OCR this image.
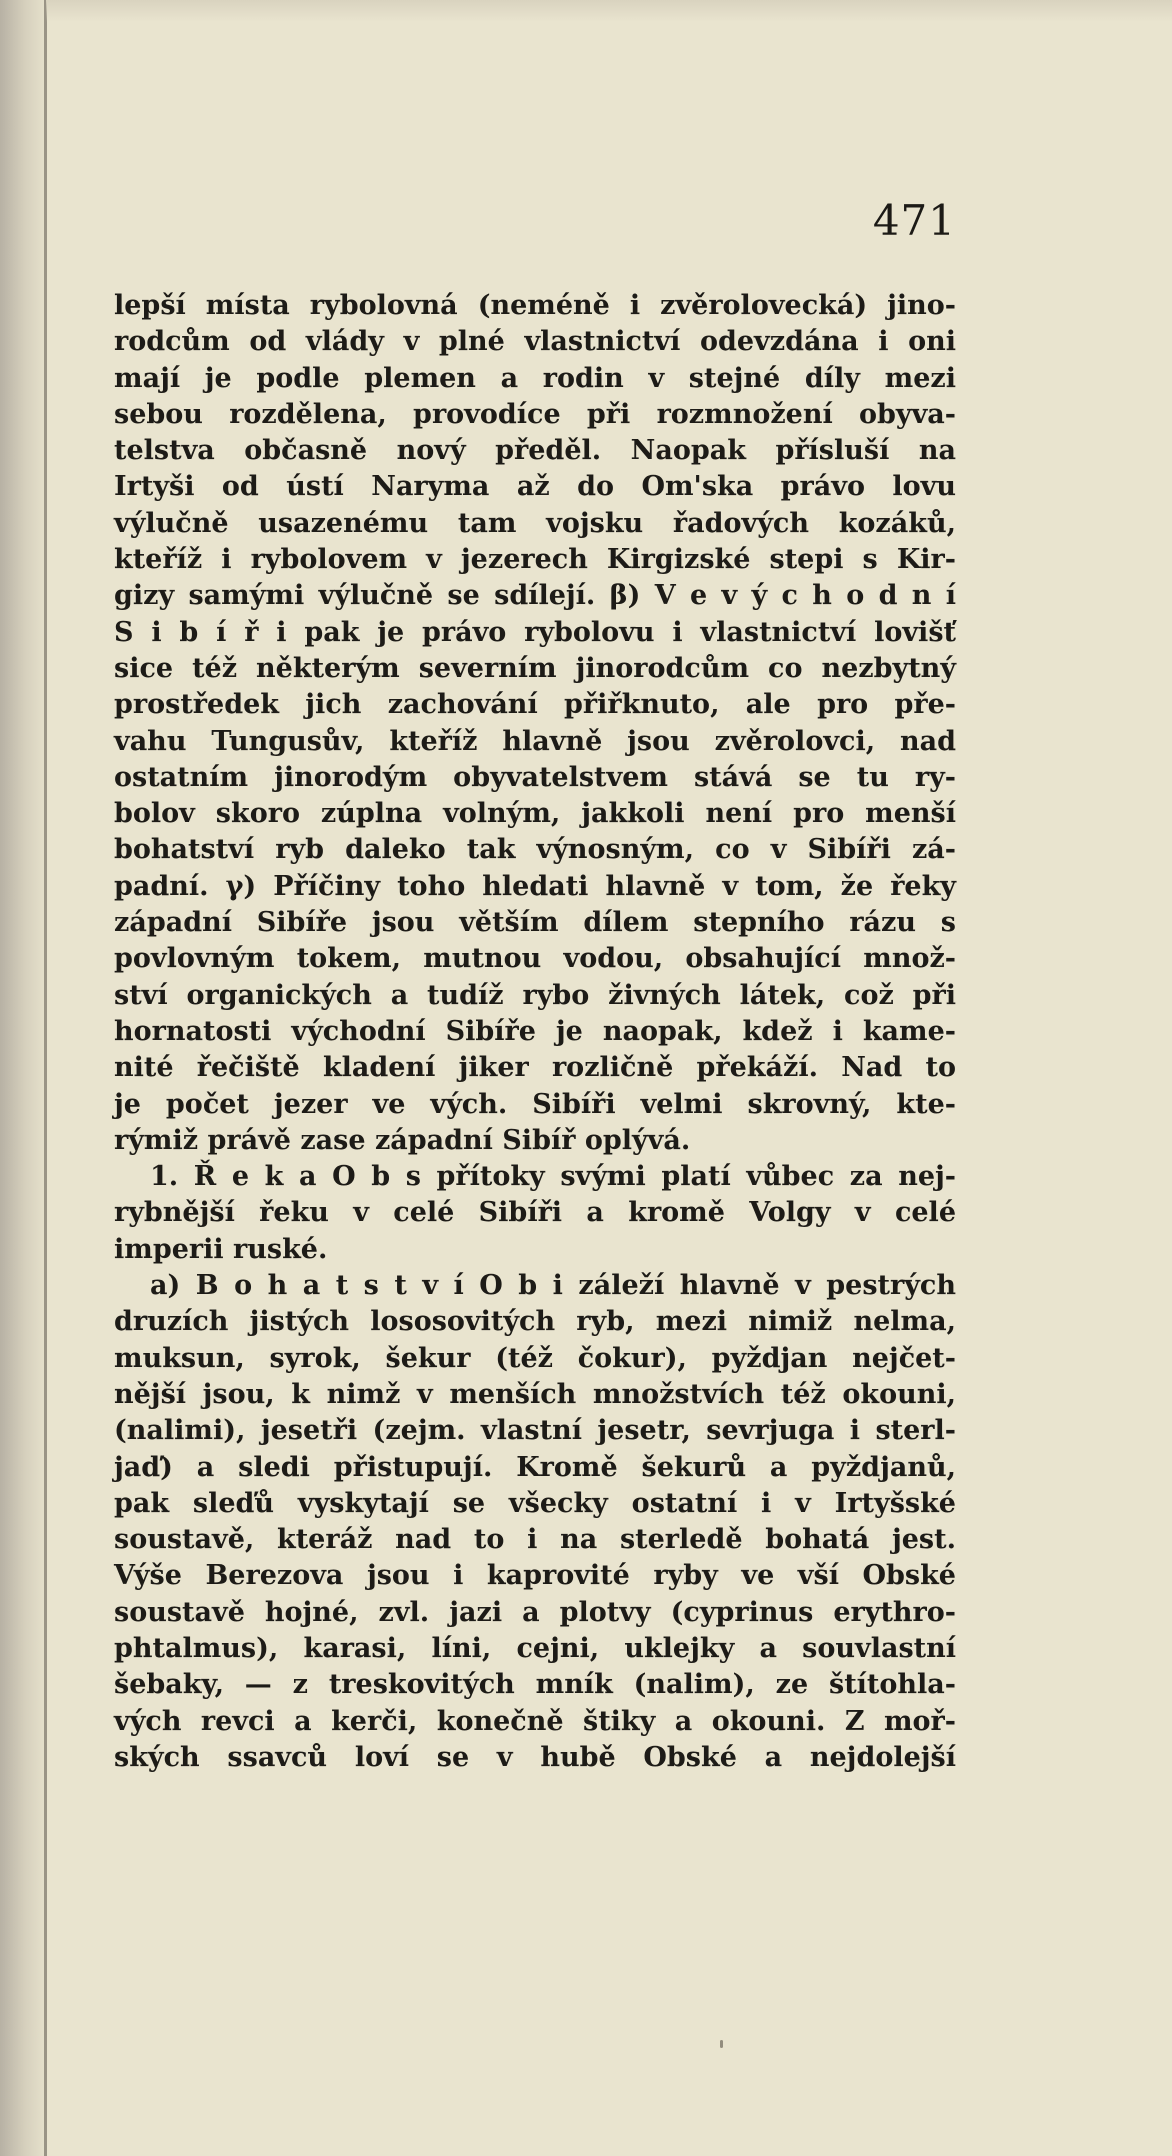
471
lepší místa rybolovná (neméně i zvěrolovecká) jino-
rodcům od vlády v plné vlastnictví odevzdána i oni
mají je podle plemen a rodin v stejné díly mezi
sebou rozdělena, provodíce při rozmnožení obyva-
telstva občasně nový předěl. Naopak přísluší na
Irtyši od ústí Naryma až do Om'ska právo lovu
výlučně usazenému tam vojsku řadových kozáků,
kteříž i rybolovem v jezerech Kirgizské stepi s Kir-
gizy samými výlučně se sdílejí. β) V e v ý c h o d n í
S i b í ř i pak je právo rybolovu i vlastnictví lovišť
sice též některým severním jinorodcům co nezbytný
prostředek jich zachování přiřknuto, ale pro pře-
vahu Tungusův, kteříž hlavně jsou zvěrolovci, nad
ostatním jinorodým obyvatelstvem stává se tu ry-
bolov skoro zúplna volným, jakkoli není pro menší
bohatství ryb daleko tak výnosným, co v Sibíři zá-
padní. γ) Příčiny toho hledati hlavně v tom, že řeky
západní Sibíře jsou větším dílem stepního rázu s
povlovným tokem, mutnou vodou, obsahující množ-
ství organických a tudíž rybo živných látek, což při
hornatosti východní Sibíře je naopak, kdež i kame-
nité řečiště kladení jiker rozličně překáží. Nad to
je počet jezer ve vých. Sibíři velmi skrovný, kte-
rýmiž právě zase západní Sibíř oplývá.
1. Ř e k a O b s přítoky svými platí vůbec za nej-
rybnější řeku v celé Sibíři a kromě Volgy v celé
imperii ruské.
a) B o h a t s t v í O b i záleží hlavně v pestrých
druzích jistých lososovitých ryb, mezi nimiž nelma,
muksun, syrok, šekur (též čokur), pyždjan nejčet-
nější jsou, k nimž v menších množstvích též okouni,
(nalimi), jesetři (zejm. vlastní jesetr, sevrjuga i sterl-
jaď) a sledi přistupují. Kromě šekurů a pyždjanů,
pak sleďů vyskytají se všecky ostatní i v Irtyšské
soustavě, kteráž nad to i na sterledě bohatá jest.
Výše Berezova jsou i kaprovité ryby ve vší Obské
soustavě hojné, zvl. jazi a plotvy (cyprinus erythro-
phtalmus), karasi, líni, cejni, uklejky a souvlastní
šebaky, — z treskovitých mník (nalim), ze štítohla-
vých revci a kerči, konečně štiky a okouni. Z moř-
ských ssavců loví se v hubě Obské a nejdolejší
